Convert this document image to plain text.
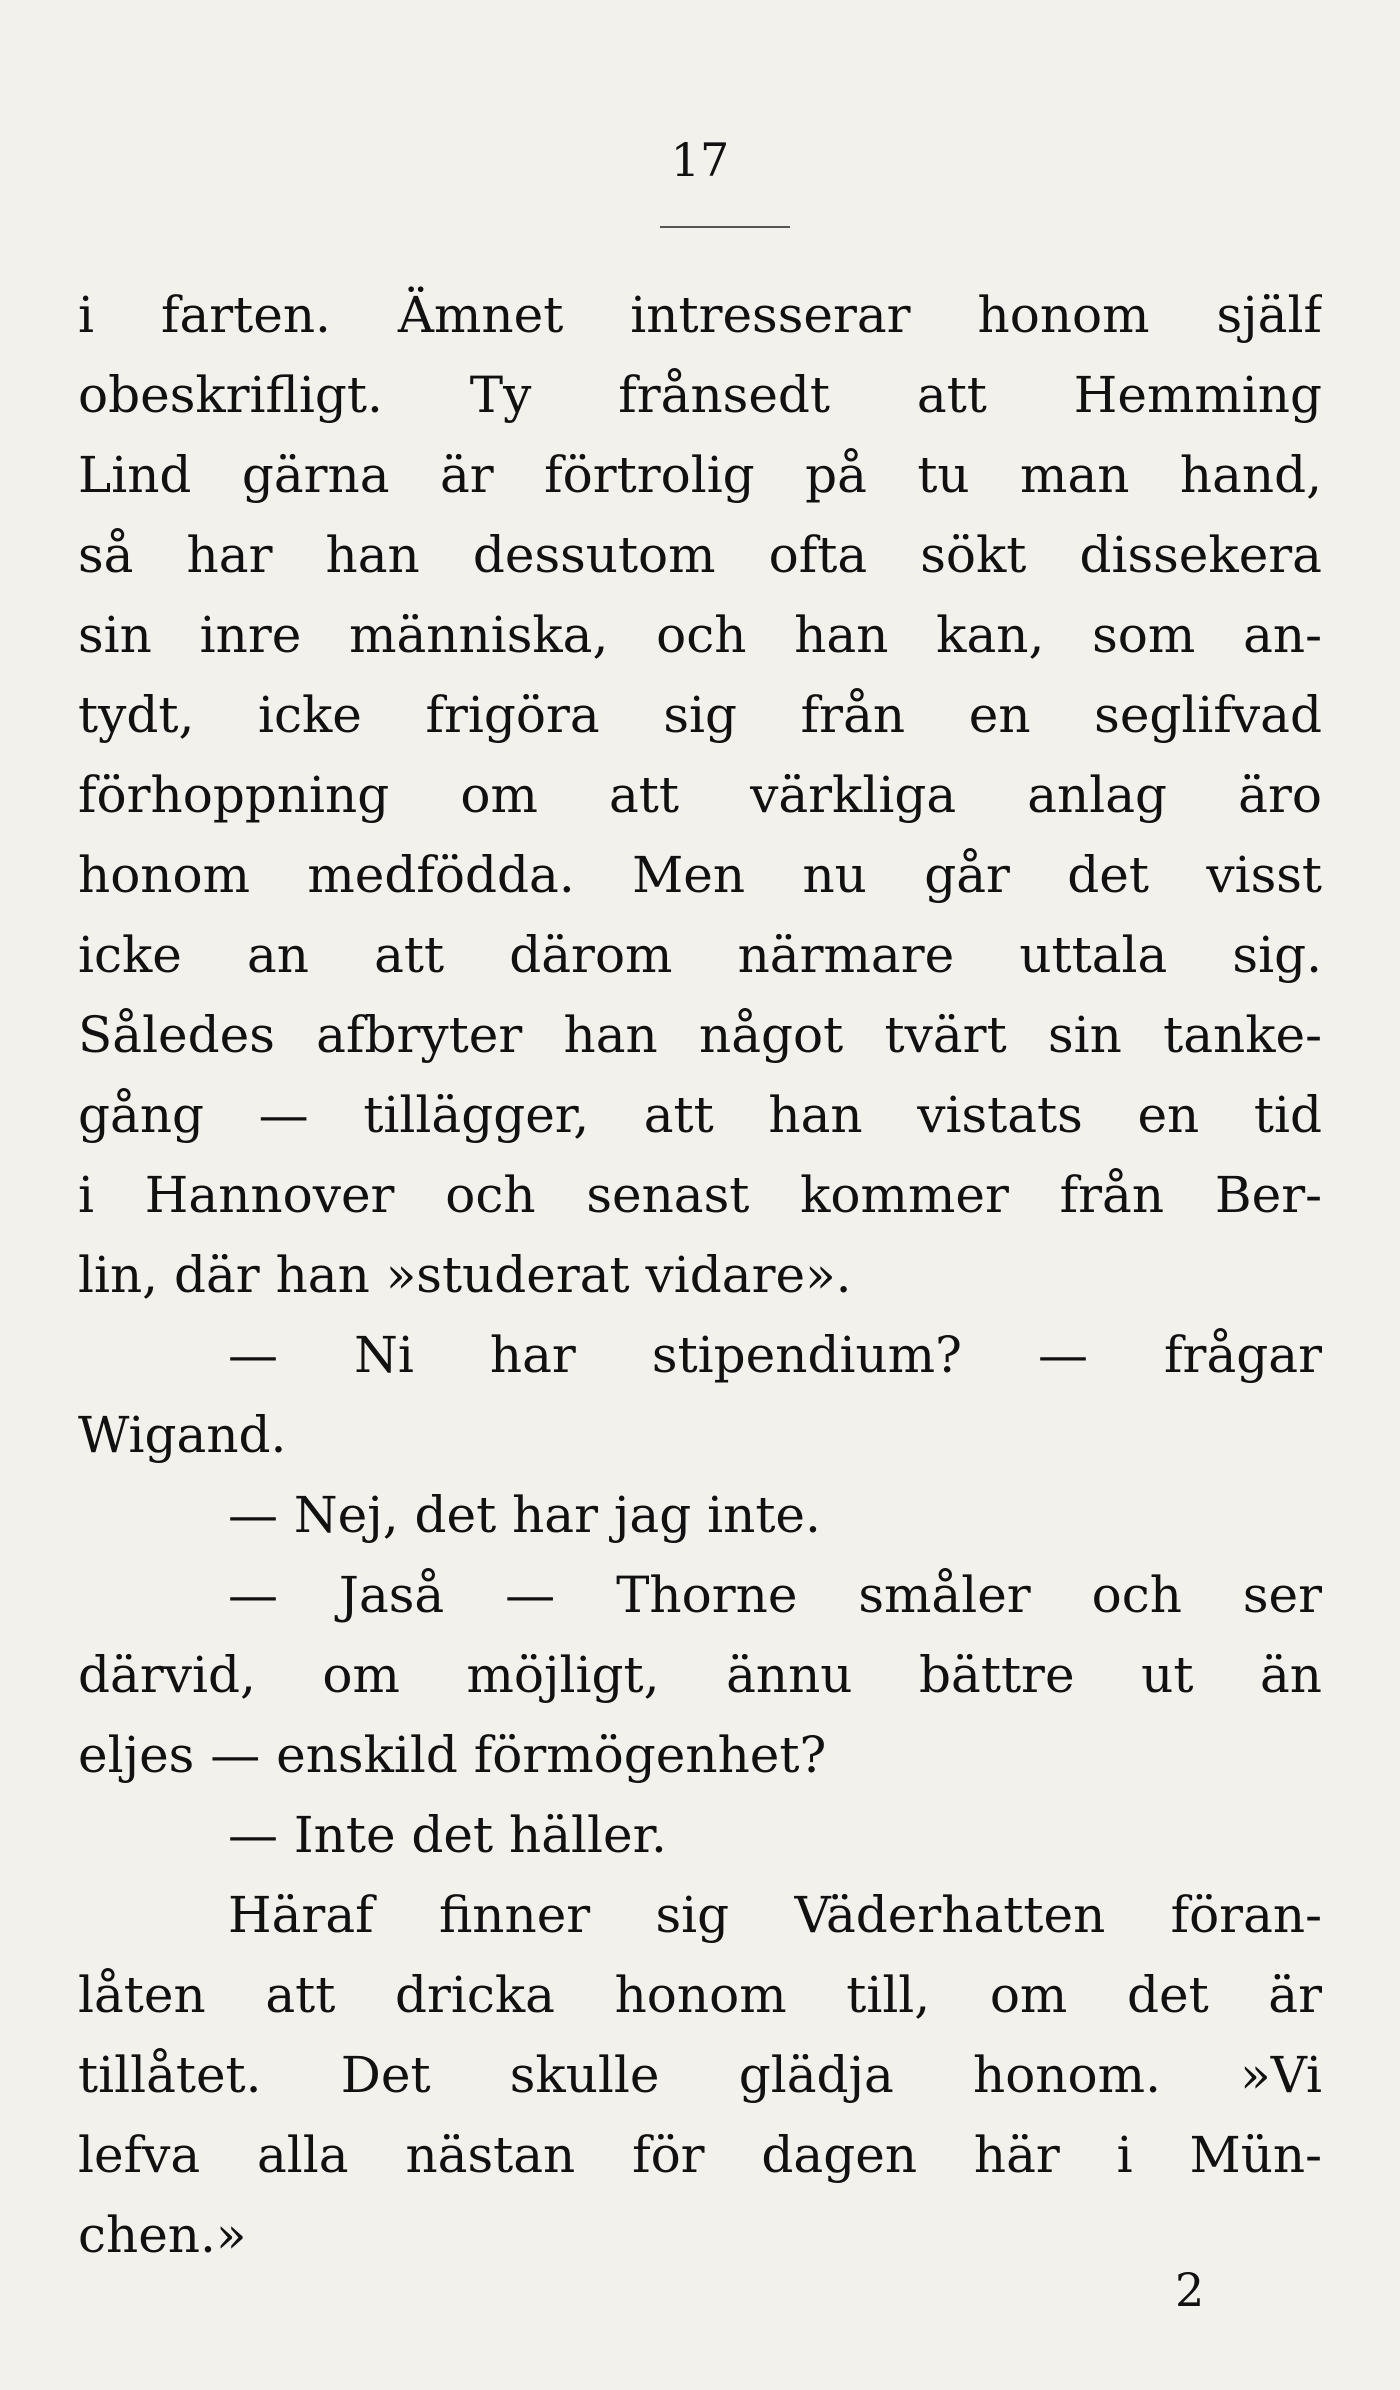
17
i farten. Ämnet intresserar honom själf
obeskrifligt. Ty frånsedt att Hemming
Lind gärna är förtrolig på tu man hand,
så har han dessutom ofta sökt dissekera
sin inre människa, och han kan, som an-
tydt, icke frigöra sig från en seglifvad
förhoppning om att värkliga anlag äro
honom medfödda. Men nu går det visst
icke an att därom närmare uttala sig.
Således afbryter han något tvärt sin tanke-
gång — tillägger, att han vistats en tid
i Hannover och senast kommer från Ber-
lin, där han »studerat vidare».
— Ni har stipendium? — frågar
Wigand.
— Nej, det har jag inte.
— Jaså — Thorne småler och ser
därvid, om möjligt, ännu bättre ut än
eljes — enskild förmögenhet?
— Inte det häller.
Häraf finner sig Väderhatten föran-
låten att dricka honom till, om det är
tillåtet. Det skulle glädja honom. »Vi
lefva alla nästan för dagen här i Mün-
chen.»
2
